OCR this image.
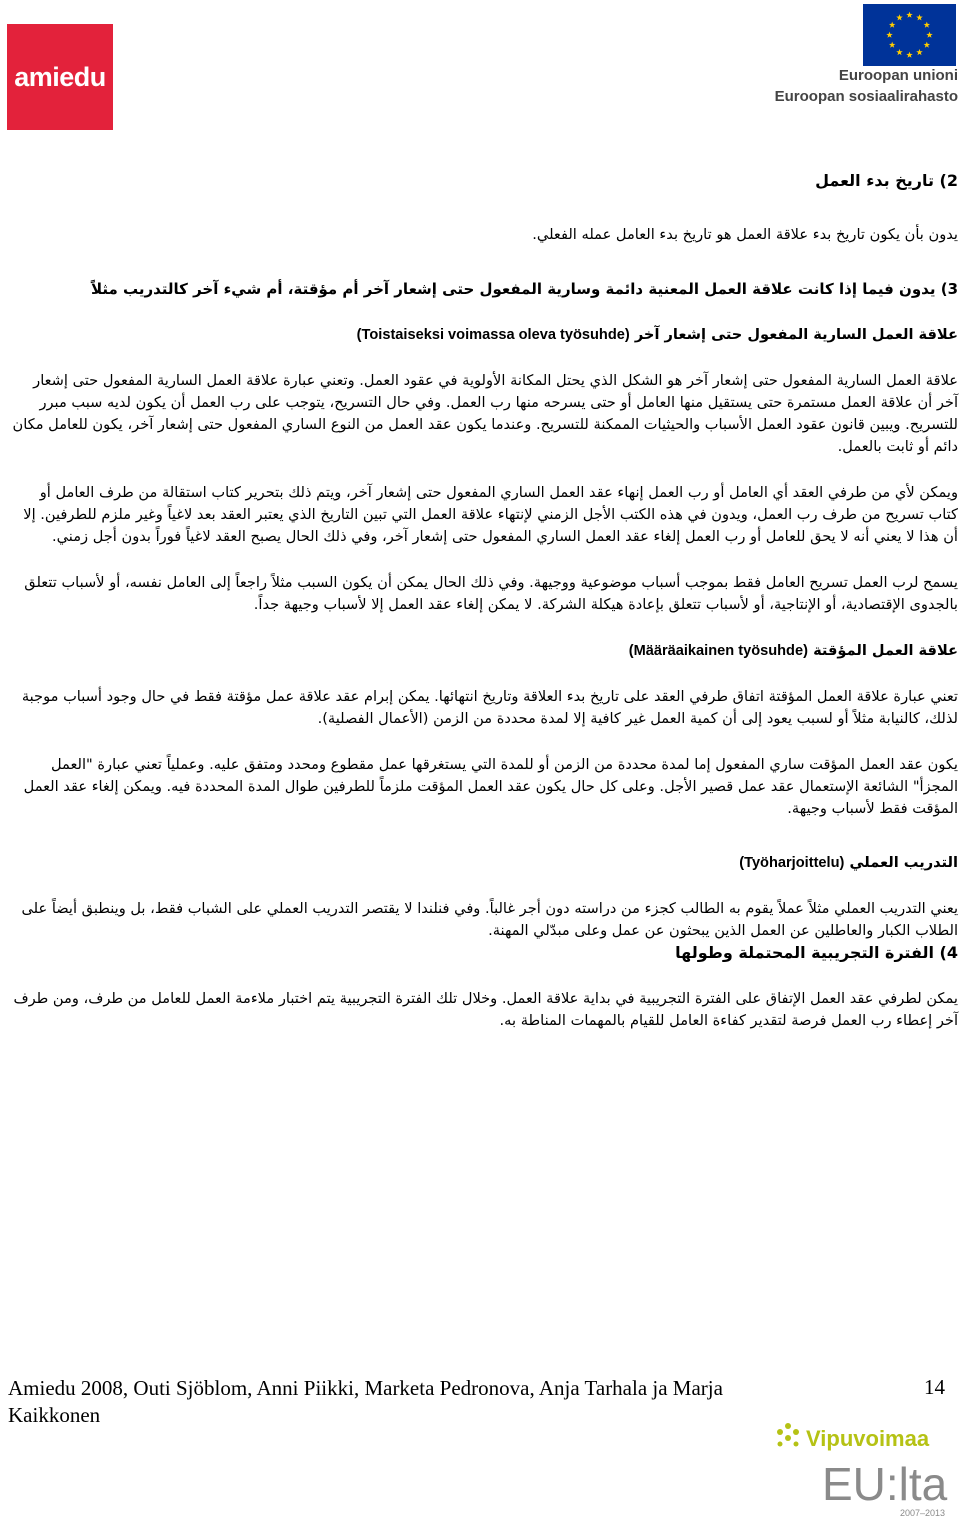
amiedu	Euroopan unioni
Euroopan sosiaalirahasto

2) تاريخ بدء العمل

يدون بأن يكون تاريخ بدء علاقة العمل هو تاريخ بدء العامل عمله الفعلي.

3) يدون فيما إذا كانت علاقة العمل المعنية دائمة وسارية المفعول حتى إشعار آخر أم مؤقتة، أم شيء آخر كالتدريب مثلاً

علاقة العمل السارية المفعول حتى إشعار آخر (Toistaiseksi voimassa oleva työsuhde)

علاقة العمل السارية المفعول حتى إشعار آخر هو الشكل الذي يحتل المكانة الأولوية في عقود العمل. وتعني عبارة علاقة العمل السارية المفعول حتى إشعار آخر أن علاقة العمل مستمرة حتى يستقيل منها العامل أو حتى يسرحه منها رب العمل. وفي حال التسريح، يتوجب على رب العمل أن يكون لديه سبب مبرر للتسريح. ويبين قانون عقود العمل الأسباب والحيثيات الممكنة للتسريح. وعندما يكون عقد العمل من النوع الساري المفعول حتى إشعار آخر، يكون للعامل مكان دائم أو ثابت بالعمل.

ويمكن لأي من طرفي العقد أي العامل أو رب العمل إنهاء عقد العمل الساري المفعول حتى إشعار آخر، ويتم ذلك بتحرير كتاب استقالة من طرف العامل أو كتاب تسريح من طرف رب العمل، ويدون في هذه الكتب الأجل الزمني لإنتهاء علاقة العمل التي تبين التاريخ الذي يعتبر العقد بعد لاغياً وغير ملزم للطرفين. إلا أن هذا لا يعني أنه لا يحق للعامل أو رب العمل إلغاء عقد العمل الساري المفعول حتى إشعار آخر، وفي ذلك الحال يصبح العقد لاغياً فوراً بدون أجل زمني.

يسمح لرب العمل تسريح العامل فقط بموجب أسباب موضوعية ووجيهة. وفي ذلك الحال يمكن أن يكون السبب مثلاً راجعاً إلى العامل نفسه، أو لأسباب تتعلق بالجدوى الإقتصادية، أو الإنتاجية، أو لأسباب تتعلق بإعادة هيكلة الشركة. لا يمكن إلغاء عقد العمل إلا لأسباب وجيهة جداً.

علاقة العمل المؤقتة (Määräaikainen työsuhde)

تعني عبارة علاقة العمل المؤقتة اتفاق طرفي العقد على تاريخ بدء العلاقة وتاريخ انتهائها. يمكن إبرام عقد علاقة عمل مؤقتة فقط في حال وجود أسباب موجبة لذلك، كالنيابة مثلاً أو لسبب يعود إلى أن كمية العمل غير كافية إلا لمدة محددة من الزمن (الأعمال الفصلية).

يكون عقد العمل المؤقت ساري المفعول إما لمدة محددة من الزمن أو للمدة التي يستغرقها عمل مقطوع ومحدد ومتفق عليه. وعملياً تعني عبارة "العمل المجزأ" الشائعة الإستعمال عقد عمل قصير الأجل. وعلى كل حال يكون عقد العمل المؤقت ملزماً للطرفين طوال المدة المحددة فيه. ويمكن إلغاء عقد العمل المؤقت فقط لأسباب وجيهة.

التدريب العملي (Työharjoittelu)

يعني التدريب العملي مثلاً عملاً يقوم به الطالب كجزء من دراسته دون أجر غالباً. وفي فنلندا لا يقتصر التدريب العملي على الشباب فقط، بل وينطبق أيضاً على الطلاب الكبار والعاطلين عن العمل الذين يبحثون عن عمل وعلى مبدّلي المهنة.

4) الفترة التجريبية المحتملة وطولها

يمكن لطرفي عقد العمل الإتفاق على الفترة التجريبية في بداية علاقة العمل. وخلال تلك الفترة التجريبية يتم اختبار ملاءمة العمل للعامل من طرف، ومن طرف آخر إعطاء رب العمل فرصة لتقدير كفاءة العامل للقيام بالمهمات المناطة به.

Amiedu 2008, Outi Sjöblom, Anni Piikki, Marketa Pedronova, Anja Tarhala ja Marja Kaikkonen
14
Vipuvoimaa
EU:lta
2007–2013
